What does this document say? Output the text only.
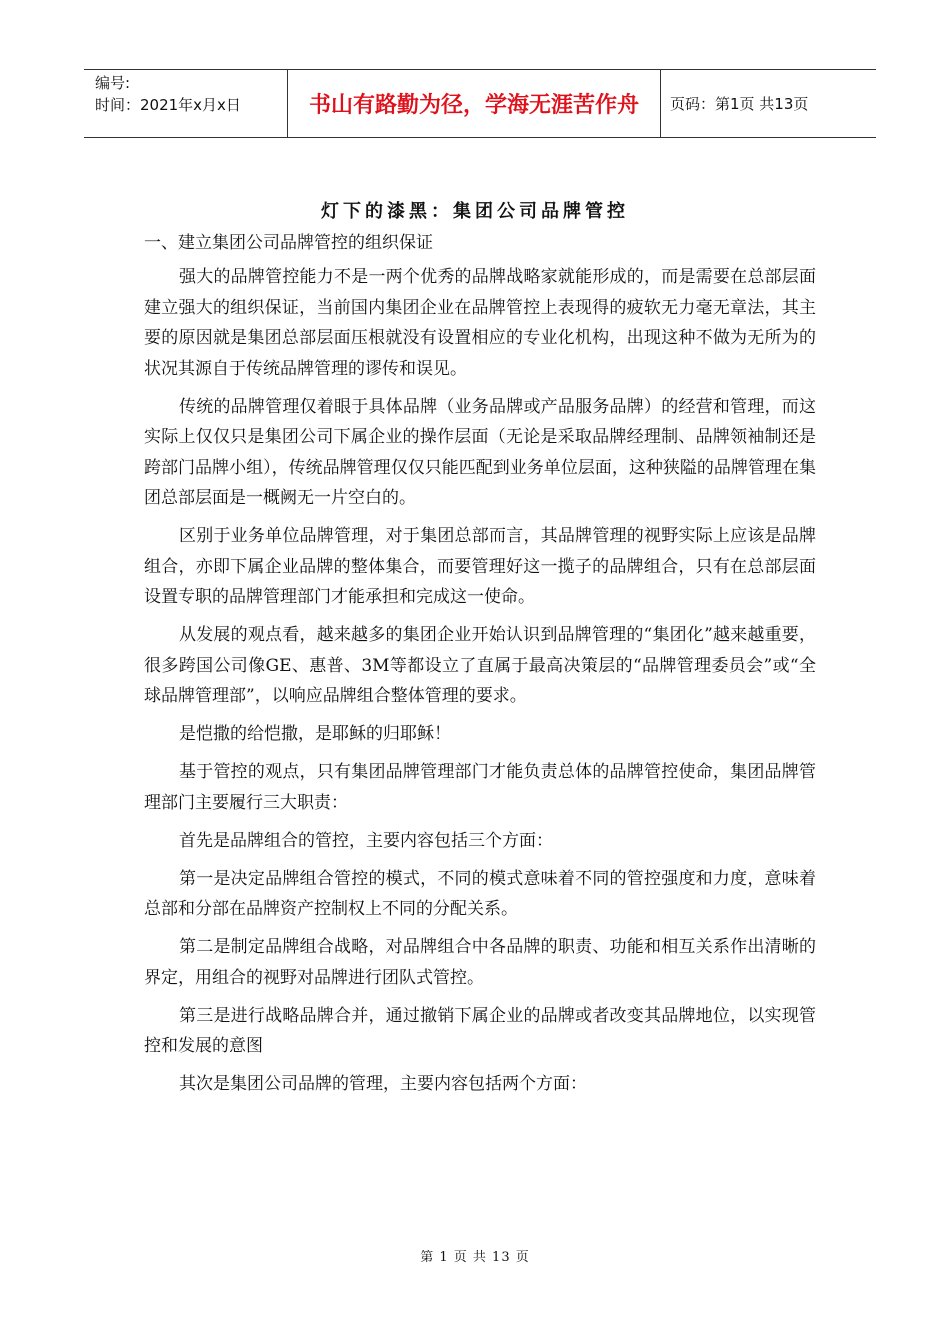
编号:
时间：2021年x月x日	书山有路勤为径，学海无涯苦作舟	页码：第1页 共13页
灯下的漆黑：集团公司品牌管控
一、建立集团公司品牌管控的组织保证

强大的品牌管控能力不是一两个优秀的品牌战略家就能形成的，而是需要在总部层面建立强大的组织保证，当前国内集团企业在品牌管控上表现得的疲软无力毫无章法，其主要的原因就是集团总部层面压根就没有设置相应的专业化机构，出现这种不做为无所为的状况其源自于传统品牌管理的谬传和误见。

传统的品牌管理仅着眼于具体品牌（业务品牌或产品服务品牌）的经营和管理，而这实际上仅仅只是集团公司下属企业的操作层面（无论是采取品牌经理制、品牌领袖制还是跨部门品牌小组），传统品牌管理仅仅只能匹配到业务单位层面，这种狭隘的品牌管理在集团总部层面是一概阙无一片空白的。

区别于业务单位品牌管理，对于集团总部而言，其品牌管理的视野实际上应该是品牌组合，亦即下属企业品牌的整体集合，而要管理好这一揽子的品牌组合，只有在总部层面设置专职的品牌管理部门才能承担和完成这一使命。

从发展的观点看，越来越多的集团企业开始认识到品牌管理的“集团化”越来越重要，很多跨国公司像GE、惠普、3M等都设立了直属于最高决策层的“品牌管理委员会”或“全球品牌管理部”，以响应品牌组合整体管理的要求。

是恺撒的给恺撒，是耶稣的归耶稣！

基于管控的观点，只有集团品牌管理部门才能负责总体的品牌管控使命，集团品牌管理部门主要履行三大职责：

首先是品牌组合的管控，主要内容包括三个方面：

第一是决定品牌组合管控的模式，不同的模式意味着不同的管控强度和力度，意味着总部和分部在品牌资产控制权上不同的分配关系。

第二是制定品牌组合战略，对品牌组合中各品牌的职责、功能和相互关系作出清晰的界定，用组合的视野对品牌进行团队式管控。

第三是进行战略品牌合并，通过撤销下属企业的品牌或者改变其品牌地位，以实现管控和发展的意图

其次是集团公司品牌的管理，主要内容包括两个方面：

第 1 页 共 13 页
